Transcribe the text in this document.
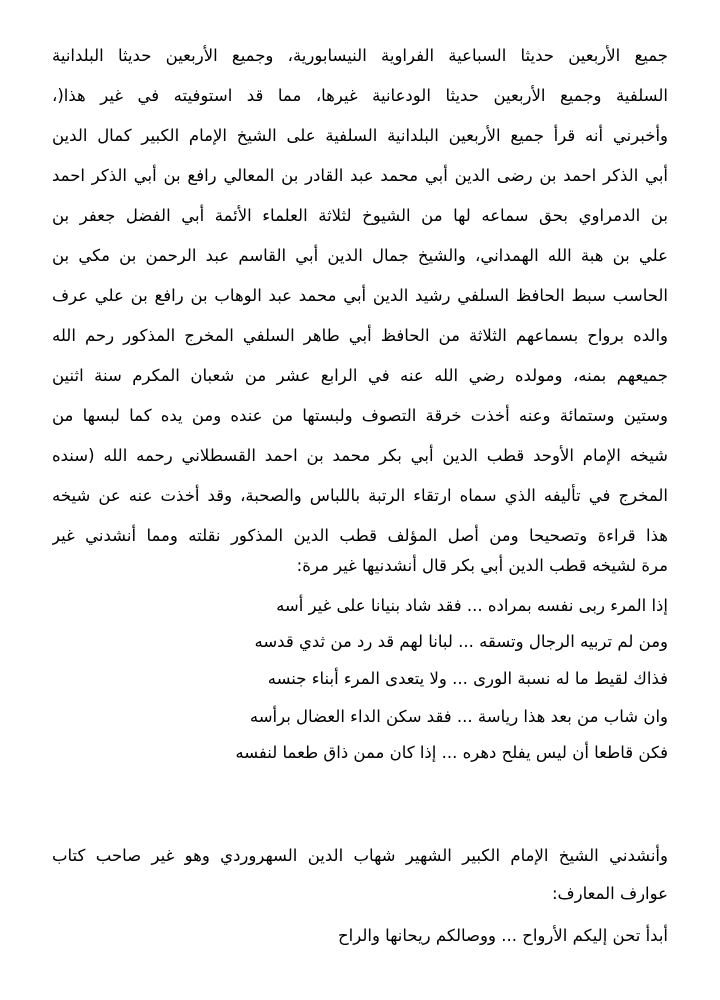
جميع الأربعين حديثا السباعية الفراوية النيسابورية، وجميع الأربعين حديثا البلدانية
السلفية وجميع الأربعين حديثا الودعانية غيرها، مما قد استوفيته في غير هذا(،
وأخبرني أنه قرأ جميع الأربعين البلدانية السلفية على الشيخ الإمام الكبير كمال الدين
أبي الذكر احمد بن رضى الدين أبي محمد عبد القادر بن المعالي رافع بن أبي الذكر احمد
بن الدمراوي بحق سماعه لها من الشيوخ لثلاثة العلماء الأئمة أبي الفضل جعفر بن
علي بن هبة الله الهمداني، والشيخ جمال الدين أبي القاسم عبد الرحمن بن مكي بن
الحاسب سبط الحافظ السلفي رشيد الدين أبي محمد عبد الوهاب بن رافع بن علي عرف
والده برواح بسماعهم الثلاثة من الحافظ أبي طاهر السلفي المخرج المذكور رحم الله
جميعهم بمنه، ومولده رضي الله عنه في الرابع عشر من شعبان المكرم سنة اثنين
وستين وستمائة وعنه أخذت خرقة التصوف ولبستها من عنده ومن يده كما لبسها من
شيخه الإمام الأوحد قطب الدين أبي بكر محمد بن احمد القسطلاني رحمه الله (سنده
المخرج في تأليفه الذي سماه ارتقاء الرتبة باللباس والصحبة، وقد أخذت عنه عن شيخه
هذا قراءة وتصحيحا ومن أصل المؤلف قطب الدين المذكور نقلته ومما أنشدني غير
مرة لشيخه قطب الدين أبي بكر قال أنشدنيها غير مرة:
إذا المرء ربى نفسه بمراده ... فقد شاد بنيانا على غير أسه
ومن لم تربيه الرجال وتسقه ... لبانا لهم قد رد من ثدي قدسه
فذاك لقيط ما له نسبة الورى ... ولا يتعدى المرء أبناء جنسه
وان شاب من بعد هذا رياسة ... فقد سكن الداء العضال برأسه
فكن قاطعا أن ليس يفلح دهره ... إذا كان ممن ذاق طعما لنفسه
وأنشدني الشيخ الإمام الكبير الشهير شهاب الدين السهروردي وهو غير صاحب كتاب
عوارف المعارف:
أبدأ تحن إليكم الأرواح ... ووصالكم ريحانها والراح
